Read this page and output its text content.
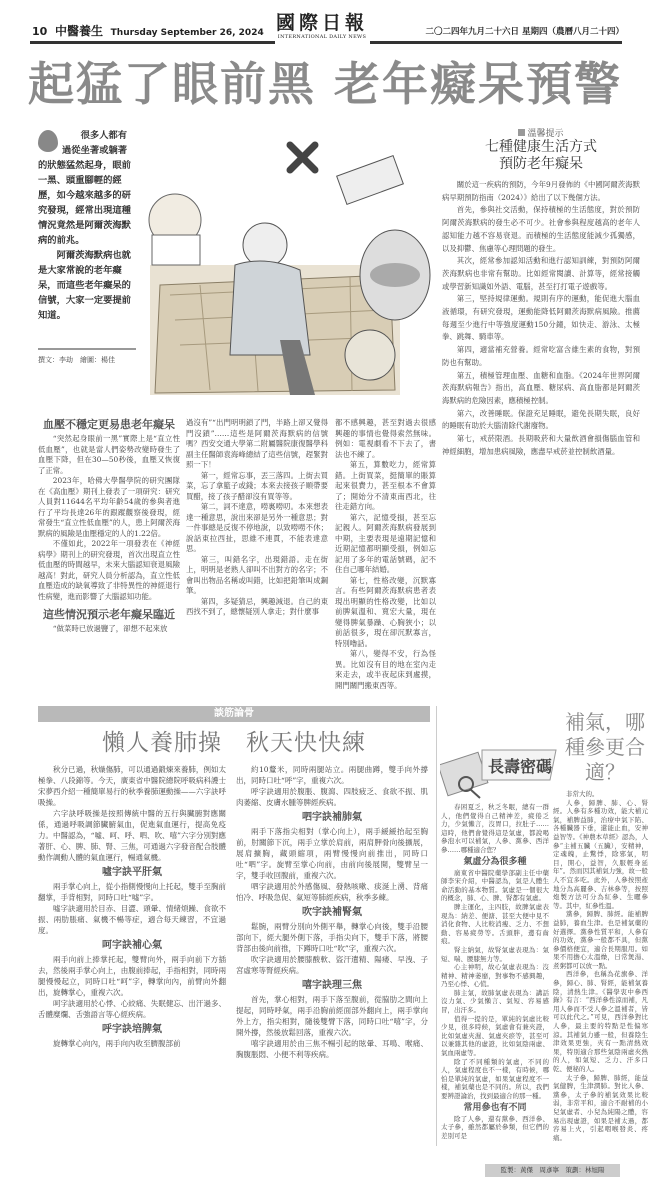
10 中醫養生 Thursday September 26, 2024 國際日報
INTERNATIONAL DAILY NEWS	二〇二四年九月二十六日 星期四（農曆八月二十四）
起猛了眼前黑 老年癡呆預警

很多人都有過從坐著或躺著的狀態猛然起身，眼前一黑、頭重腳輕的經歷，如今越來越多的研究發現，經常出現這種情況竟然是阿爾茨海默病的前兆。

阿爾茨海默病也就是大家常說的老年癡呆，而這些老年癡呆的信號，大家一定要提前知道。

撰文：李劫　繪圖：楊佳
溫馨提示
七種健康生活方式
預防老年癡呆

關於這一疾病的預防，今年9月發佈的《中國阿爾茨海默病早期預防指南（2024）》給出了以下幾個方法。

首先，參與社交活動，保持積極的生活態度，對於預防阿爾茨海默病的發生必不可少。社會參與程度越高的老年人認知能力越不容易衰退。而積極的生活態度能減少孤獨感，以及抑鬱、焦慮等心理問題的發生。

其次，經常參加認知活動和進行認知訓練，對預防阿爾茨海默病也非常有幫助。比如經常閱讀、計算等，經常接觸或學習新知識如外語、電腦，甚至打打電子遊戲等。

第三，堅持規律運動。規則有序的運動，能促進大腦血液循環，有研究發現，運動能降低阿爾茨海默病風險。推薦每週至少進行中等強度運動150分鐘，如快走、游泳、太極拳、跳舞、騎車等。

第四，適當補充營養。經常吃富含維生素的食物，對預防也有幫助。

第五，積極管理血壓、血糖和血脂。《2024年世界阿爾茨海默病報告》指出，高血壓、糖尿病、高血脂都是阿爾茨海默病的危險因素，應積極控制。

第六，改善睡眠。保證充足睡眠，避免長期失眠，良好的睡眠有助於大腦清除代謝廢物。

第七，戒菸限酒。長期吸菸和大量飲酒會損傷腦血管和神經細胞，增加患病風險，應盡早戒菸並控制飲酒量。

血壓不穩定更易患老年癡呆

“突然起身眼前一黑”實際上是“直立性低血壓”，也就是當人們姿勢改變時發生了血壓下降，但在30—50秒後，血壓又恢復了正常。

2023年，哈佛大學醫學院的研究團隊在《高血壓》期刊上發表了一項研究：研究人員對11644名平均年齡54歲的參與者進行了平均長達26年的跟蹤觀察後發現，經常發生“直立性低血壓”的人，患上阿爾茨海默病的風險是血壓穩定的人的1.22倍。

不僅如此，2022年一項發表在《神經病學》期刊上的研究發現，首次出現直立性低血壓的時間越早，未來大腦認知衰退風險越高！對此，研究人員分析認為，直立性低血壓造成的缺氧導致了非特異性的神經退行性病變，進而影響了大腦認知功能。

這些情況預示老年癡呆臨近

“做菜時已放過鹽了，卻想不起來放

過沒有”“出門明明鎖了門，半路上卻又覺得門沒鎖”……這些是阿爾茨海默病的信號嗎？西安交通大學第二附屬醫院康復醫學科副主任醫師袁海峰總結了這些信號，趕緊對照一下！

第一，經常忘事，丟三落四。上街去買菜，忘了拿籃子或錢；本來去接孩子順帶要買醋，接了孩子醋卻沒有買等等。

第二，詞不達意，嘮裏嘮叨。本來想表達一種意思，說出來卻是另外一種意思；對一件事總是反復不停地說，以致嘮嘮不休；說話東拉西扯，思維不連貫，不能表達意思。

第三，叫錯名字，出現錯語。走在街上，明明是老熟人卻叫不出對方的名字；不會叫出物品名稱或叫錯，比如把鉛筆叫成鋼筆。

第四，多疑猜忌，興趣減退。自己的東西找不到了，總懷疑別人拿走；對什麼事

都不感興趣，甚至對過去很感興趣的事情也覺得索然無味。例如：電視劇看不下去了，書法也不練了。

第五，算數吃力，經常算錯。上街買菜，挺簡單的賬算起來很費力，甚至根本不會算了；開始分不清東南西北，往往走錯方向。

第六，記憶受損，甚至忘記親人。阿爾茨海默病發展到中期，主要表現是遠期記憶和近期記憶都明顯受損，例如忘記用了多年的電話號碼，記不住自己哪年結婚。

第七，性格改變，沉默寡言。有些阿爾茨海默病患者表現出明顯的性格改變，比如以前脾氣溫和、寬宏大量，現在變得脾氣暴躁、心胸狹小；以前話很多，現在卻沉默寡言，特別嚕話。

第八，變得不安，行為怪異。比如沒有目的地在室內走來走去，或半夜起床到處摸，開門關門搬東西等。

談筋論骨
懶人養肺操　秋天快快練

秋分已過，秋燥傷肺，可以通過鍛煉來養肺，例如太極拳、八段錦等。今天，廣東省中醫院總院呼吸病科護士宋夢西介紹一種簡單易行的秋季養肺運動操——六字訣呼吸操。

六字訣呼吸操是按照傳統中醫的五行與臟腑對應關係，通過呼吸調節臟腑氣血，促進氣血運行，提高免疫力。中醫認為，“噓、呵、呼、呬、吹、嘻”六字分別對應著肝、心、脾、肺、腎、三焦，可通過六字發音配合肢體動作調動人體的氣血運行，暢通氣機。

噓字訣平肝氣

兩手掌心向上，從小指側慢慢向上托起，雙手至胸前翻掌，手背相對，同時口吐“噓”字。

噓字訣適用於目赤、目澀、頭暈、情緒煩躁、食欲不振、兩肋脹痛、氣機不暢等症，適合每天練習，不宜過度。

呵字訣補心氣

兩手向前上捧掌托起，雙臂向外，兩手向前下方插去，然後兩手掌心向上，由腹前捧起，手指相對，同時兩腿慢慢起立，同時口吐“呵”字，轉掌向內，前臂向外翻出，旋轉掌心，重複六次。

呵字訣適用於心悸、心絞痛、失眠健忘、出汗過多、舌體糜爛、舌強語言等心經疾病。

呼字訣培脾氣

旋轉掌心向內，兩手向內收至臍腹部前

約10釐米，同時兩腿站立。兩腿曲蹲，雙手向外撐出，同時口吐“呼”字，重複六次。

呼字訣適用於腹脹、腹瀉、四肢疲乏、食欲不振、肌肉萎縮、皮膚水腫等脾經疾病。

呬字訣補肺氣

兩手下落指尖相對（掌心向上），兩手緩緩抬起至胸前，肘關節下沉，兩手立掌於肩前，兩肩胛骨向後擴展，展肩擴胸，藏頭縮項，兩臂慢慢向前推出，同時口吐“呬”字。旋臂至掌心向前，由前向後展開，雙臂呈一字，雙手收回腹前，重複六次。

呬字訣適用於外感傷風、發熱咳嗽、痰涎上湧、背痛怕冷、呼吸急促、氣短等肺經疾病，秋季多練。

吹字訣補腎氣

鬆腕，兩臂分別向外側平舉，轉掌心向後，雙手沿腰部向下，經大腿外側下落，手指尖向下，雙手下落，將腰背部由後向前推，下蹲時口吐“吹”字，重複六次。

吹字訣適用於腰膝酸軟、盜汗遺精、陽痿、早洩、子宮虛寒等腎經疾病。

嘻字訣理三焦

首先，掌心相對，兩手下落至腹前，從脇肋之間向上提起，同時呼氣，兩手沿胸前經面部外翻向上，兩手掌向外上方，指尖相對，隨後雙臂下落，同時口吐“嘻”字，分開外撐，然後放鬆回落，重複六次。

嘻字訣適用於由三焦不暢引起的眩暈、耳鳴、喉痛、胸腹脹悶、小便不利等疾病。

長壽密碼
補氣，哪種參更合適？

春困夏乏，秋乏冬眠，總有一群人，他們覺得自己精神差，疲倦乏力，少氣懶言，沒胃口，拉肚子……這時，他們會覺得這是氣虛，都說喝參泡水可以補氣，人參、黨參、西洋參……哪種適合您？

氣虛分為很多種

廣東省中醫院藥學部副主任中藥師李宋介紹，中醫認為，氣是人體生命活動的基本物質。氣虛是一個很大的概念，肺、心、脾、腎都有氣虛。

脾主運化，主四肢，故脾氣虛表現為：納差、便溏、甚至大便中見不消化食物、人比較消瘦、乏力、不想動、容易疲勞等。舌頭胖，邊有齒痕。

腎主納氣，故腎氣虛表現為：氣短、喘、腰膝無力等。

心主神明，故心氣虛表現為：沒精神、精神萎靡，對事物不感興趣，乃至心悸、心慌。

肺主氣，故肺氣虛表現為：講話沒力氣、少氣懶言、氣短、容易感冒，出汗多。

值得一提的是，單純的氣虛比較少見，很多時候，氣虛會有兼夾證，比如氣虛夾濕、氣虛夾瘀等，甚至可以兼雜其他的虛證，比如氣陰兩虛、氣血兩虛等。

除了不同種類的氣虛，不同的人，氣虛程度也不一樣，有時候，哪怕是單純的氣虛，如果氣虛程度不一樣，補氣藥也是不同的。所以，我們要辨證論治，找到最適合的那一種。

常用參也有不同

除了人參，還有黨參、西洋參、太子參，雖然都屬於參類，但它們的差別可是

非常大的。

人參，歸脾、肺、心、腎經。人參有多種功效，能大補元氣，補脾益肺，治療中氣下陷、各種臟器下垂，還能止血，安神益智等。《神農本草經》認為，人參“主補五臟（五臟），安精神，定魂魄，止驚悸，除邪氣，明目，開心，益智，久服輕身延年”。然而因其補氣力強，故一般人不宜多吃。此外，人參按照產地分為高麗參、吉林參等，按照炮製方法可分為紅參、生曬參等。其中，紅參性溫。

黨參，歸脾、肺經。能補脾益肺，養血生津。也是補氣藥的好選擇。黨參性質平和，人參有的功效，黨參一般都不具，但黨參價格便宜，適合長期服用。如果不用擔心太溫燥，日常煲湯、煮粥都可以放一點。

西洋參，也稱為花旗參、洋參，歸心、肺、腎經，能補氣養陰，清熱生津。《醫學衷中參西錄》有言：“西洋參性涼而補，凡用人參而不受人參之溫補者，皆可以此代之。”可見，西洋參對比人參，最主要的特點是性偏寒涼。其補氣力雖一般，但養陰生津效果更強，夾有一點清熱效果，特別適合那些氣陰兩虛夾熱的人，如氣短、乏力、汗多口乾、便秘的人。

太子參，歸脾、肺經，能益氣健脾，生津潤肺。對比人參、黨參，太子參的補氣效果比較弱，非常平和，適合不耐補的小兒氣虛者、小兒為純陽之體，容易出現虛證，如果是補太過，都容易上火，引起咽喉發炎、疼痛。

監製：黃傑　周彥寧　策劃：林旭陽
